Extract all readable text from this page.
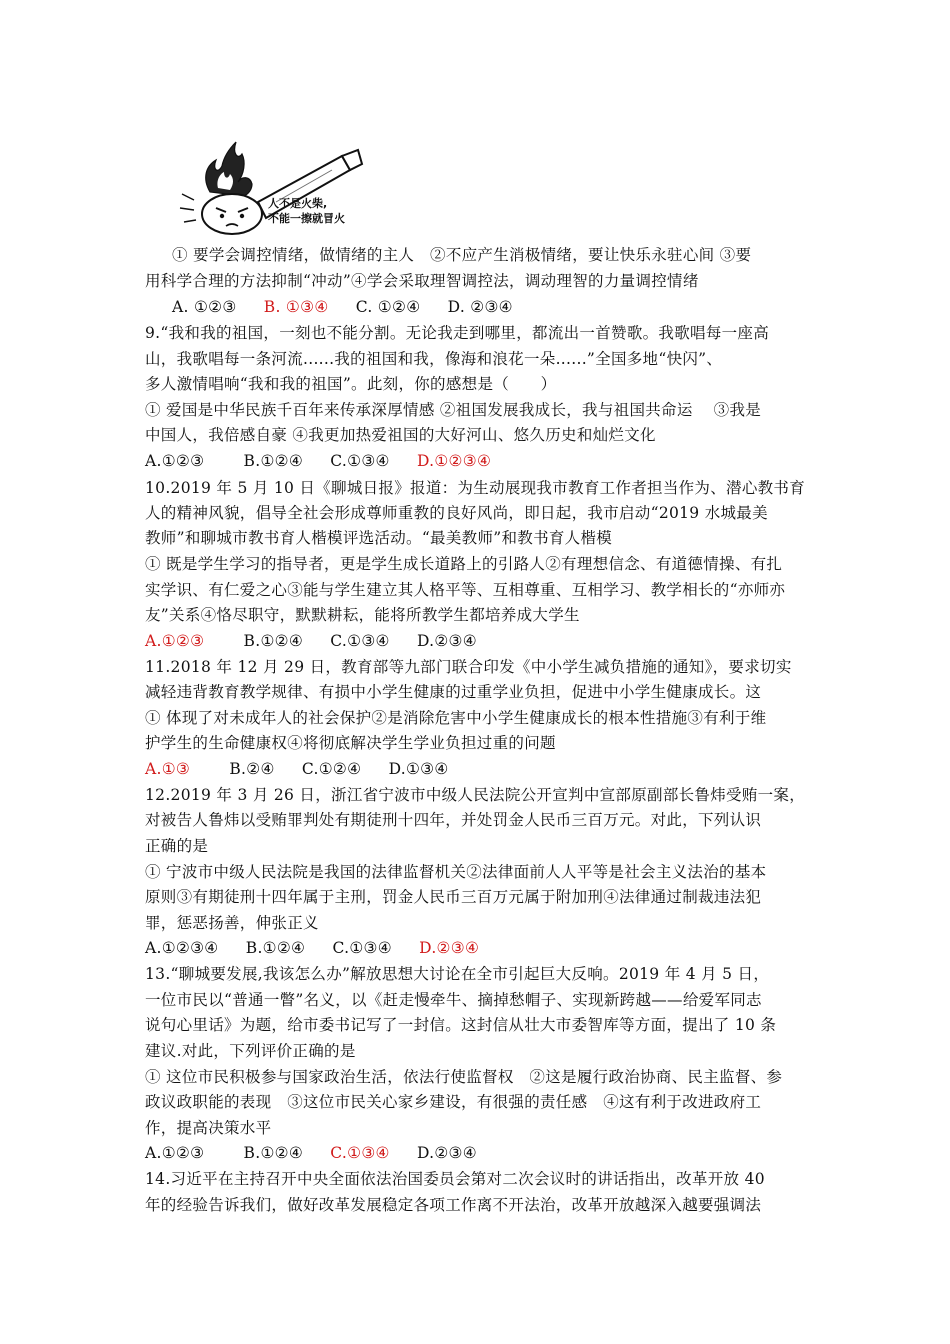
人不是火柴,
不能一擦就冒火
① 要学会调控情绪，做情绪的主人　②不应产生消极情绪，要让快乐永驻心间 ③要
用科学合理的方法抑制“冲动”④学会采取理智调控法，调动理智的力量调控情绪
A. ①②③ B. ①③④ C. ①②④ D. ②③④
9.“我和我的祖国，一刻也不能分割。无论我走到哪里，都流出一首赞歌。我歌唱每一座高
山，我歌唱每一条河流......我的祖国和我，像海和浪花一朵......”全国多地“快闪”、
多人激情唱响“我和我的祖国”。此刻，你的感想是（　　）
① 爱国是中华民族千百年来传承深厚情感 ②祖国发展我成长，我与祖国共命运　 ③我是
中国人，我倍感自豪 ④我更加热爱祖国的大好河山、悠久历史和灿烂文化
A.①②③	B.①②④ C.①③④ D.①②③④
10.2019 年 5 月 10 日《聊城日报》报道：为生动展现我市教育工作者担当作为、潜心教书育
人的精神风貌，倡导全社会形成尊师重教的良好风尚，即日起，我市启动“2019 水城最美
教师”和聊城市教书育人楷模评选活动。“最美教师”和教书育人楷模
① 既是学生学习的指导者，更是学生成长道路上的引路人②有理想信念、有道德情操、有扎
实学识、有仁爱之心③能与学生建立其人格平等、互相尊重、互相学习、教学相长的“亦师亦
友”关系④恪尽职守，默默耕耘，能将所教学生都培养成大学生
A.①②③	B.①②④ C.①③④ D.②③④
11.2018 年 12 月 29 日，教育部等九部门联合印发《中小学生减负措施的通知》，要求切实
减轻违背教育教学规律、有损中小学生健康的过重学业负担，促进中小学生健康成长。这
① 体现了对未成年人的社会保护②是消除危害中小学生健康成长的根本性措施③有利于维
护学生的生命健康权④将彻底解决学生学业负担过重的问题
A.①③	B.②④ C.①②④ D.①③④
12.2019 年 3 月 26 日，浙江省宁波市中级人民法院公开宣判中宣部原副部长鲁炜受贿一案，
对被告人鲁炜以受贿罪判处有期徒刑十四年，并处罚金人民币三百万元。对此，下列认识
正确的是
① 宁波市中级人民法院是我国的法律监督机关②法律面前人人平等是社会主义法治的基本
原则③有期徒刑十四年属于主刑，罚金人民币三百万元属于附加刑④法律通过制裁违法犯
罪，惩恶扬善，伸张正义
A.①②③④ B.①②④ C.①③④ D.②③④
13.“聊城要发展,我该怎么办”解放思想大讨论在全市引起巨大反响。2019 年 4 月 5 日，
一位市民以“普通一瞥”名义，以《赶走慢牵牛、摘掉愁帽子、实现新跨越——给爱军同志
说句心里话》为题，给市委书记写了一封信。这封信从壮大市委智库等方面，提出了 10 条
建议.对此，下列评价正确的是
① 这位市民积极参与国家政治生活，依法行使监督权　②这是履行政治协商、民主监督、参
政议政职能的表现　③这位市民关心家乡建设，有很强的责任感　④这有利于改进政府工
作，提高决策水平
A.①②③	B.①②④ C.①③④ D.②③④
14.习近平在主持召开中央全面依法治国委员会第对二次会议时的讲话指出，改革开放 40
年的经验告诉我们，做好改革发展稳定各项工作离不开法治，改革开放越深入越要强调法
